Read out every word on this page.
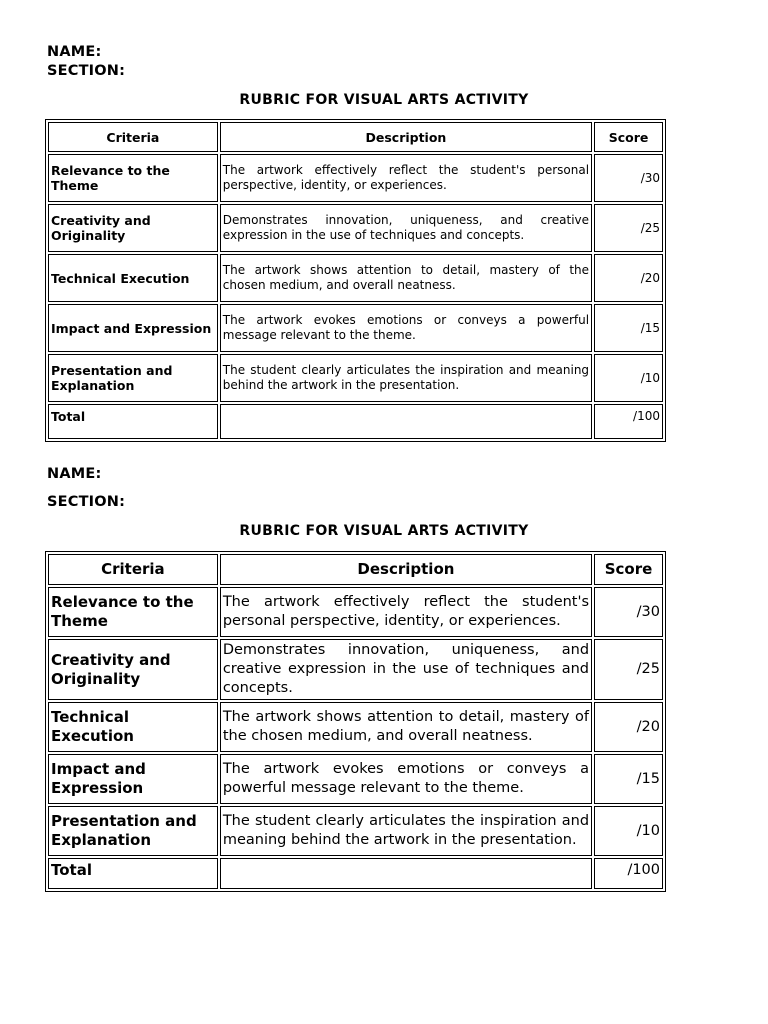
NAME:

SECTION:

RUBRIC FOR VISUAL ARTS ACTIVITY

Criteria	Description	Score
Relevance to the Theme	The artwork effectively reflect the student's personal perspective, identity, or experiences.	/30
Creativity and Originality	Demonstrates innovation, uniqueness, and creative expression in the use of techniques and concepts.	/25
Technical Execution	The artwork shows attention to detail, mastery of the chosen medium, and overall neatness.	/20
Impact and Expression	The artwork evokes emotions or conveys a powerful message relevant to the theme.	/15
Presentation and Explanation	The student clearly articulates the inspiration and meaning behind the artwork in the presentation.	/10
Total		/100

NAME:

SECTION:

RUBRIC FOR VISUAL ARTS ACTIVITY

Criteria	Description	Score
Relevance to the Theme	The artwork effectively reflect the student's personal perspective, identity, or experiences.	/30
Creativity and Originality	Demonstrates innovation, uniqueness, and creative expression in the use of techniques and concepts.	/25
Technical Execution	The artwork shows attention to detail, mastery of the chosen medium, and overall neatness.	/20
Impact and Expression	The artwork evokes emotions or conveys a powerful message relevant to the theme.	/15
Presentation and Explanation	The student clearly articulates the inspiration and meaning behind the artwork in the presentation.	/10
Total		/100
